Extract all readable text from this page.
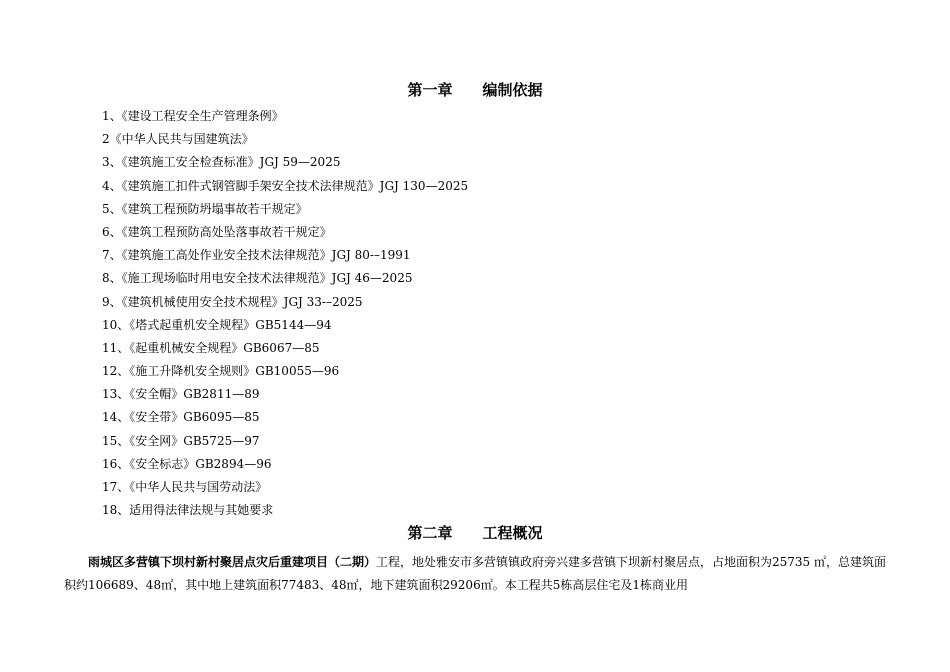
第一章　　编制依据
1、《建设工程安全生产管理条例》
2《中华人民共与国建筑法》
3、《建筑施工安全检查标准》JGJ 59—2025
4、《建筑施工扣件式钢管脚手架安全技术法律规范》JGJ 130—2025
5、《建筑工程预防坍塌事故若干规定》
6、《建筑工程预防高处坠落事故若干规定》
7、《建筑施工高处作业安全技术法律规范》JGJ 80-–1991
8、《施工现场临时用电安全技术法律规范》JGJ 46—2025
9、《建筑机械使用安全技术规程》JGJ 33-–2025
10、《塔式起重机安全规程》GB5144—94
11、《起重机械安全规程》GB6067—85
12、《施工升降机安全规则》GB10055—96
13、《安全帽》GB2811—89
14、《安全带》GB6095—85
15、《安全网》GB5725—97
16、《安全标志》GB2894—96
17、《中华人民共与国劳动法》
18、适用得法律法规与其她要求
第二章　　工程概况

雨城区多营镇下坝村新村聚居点灾后重建项目（二期）工程，地处雅安市多营镇镇政府旁兴建多营镇下坝新村聚居点，占地面积为25735 ㎡，总建筑面积约106689、48㎡，其中地上建筑面积77483、48㎡，地下建筑面积29206㎡。本工程共5栋高层住宅及1栋商业用
